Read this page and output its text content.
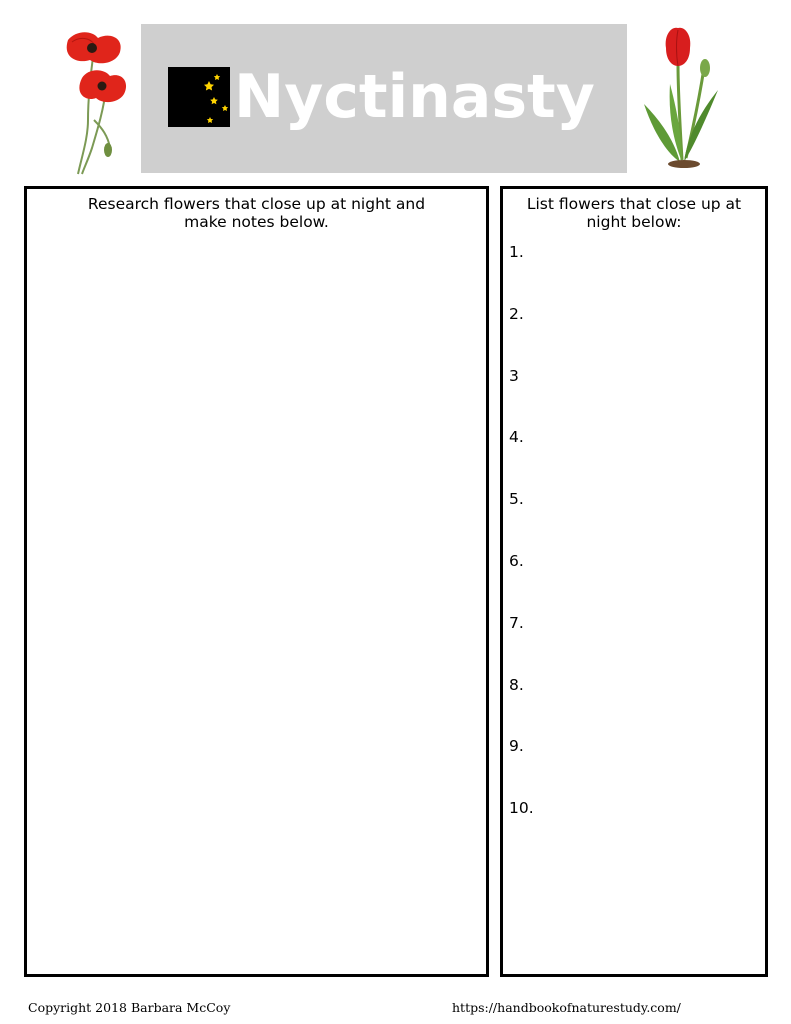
Nyctinasty
Research flowers that close up at night and make notes below.
List flowers that close up at night below:
1.
2.
3
4.
5.
6.
7.
8.
9.
10.
Copyright 2018 Barbara McCoy	https://handbookofnaturestudy.com/
